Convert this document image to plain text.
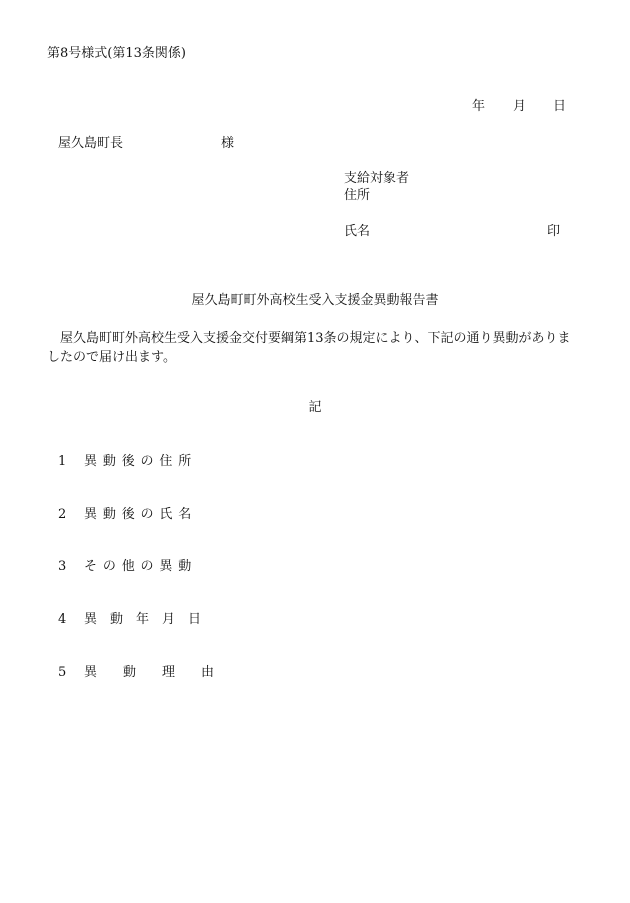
第8号様式(第13条関係)
年 月 日
屋久島町長	様
支給対象者
住所
氏名	印
屋久島町町外高校生受入支援金異動報告書
屋久島町町外高校生受入支援金交付要綱第13条の規定により、下記の通り異動がありましたので届け出ます。
記
1 異動後の住所
2 異動後の氏名
3 その他の異動
4 異　動　年　月　日
5 異　　動　　理　　由
